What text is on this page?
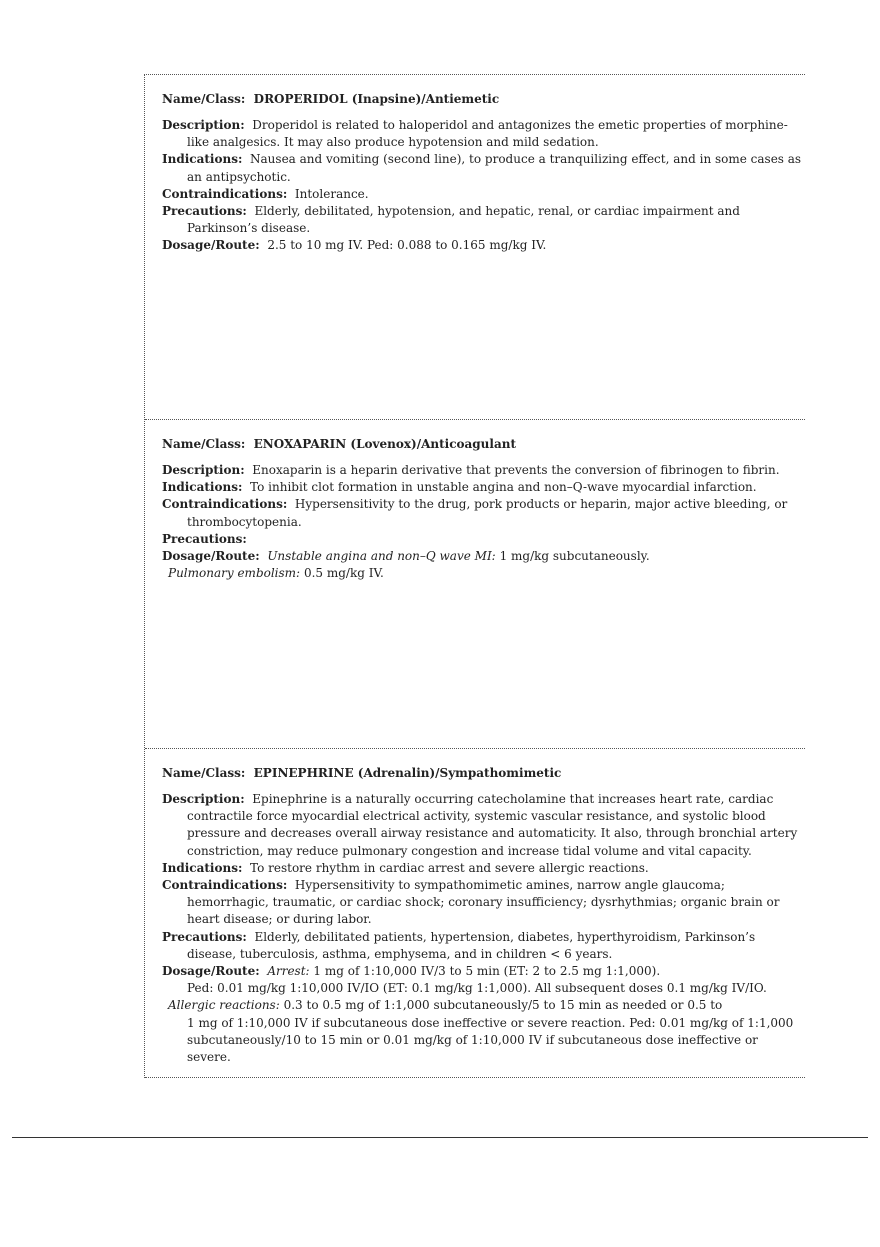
Name/Class: DROPERIDOL (Inapsine)/Antiemetic

Description: Droperidol is related to haloperidol and antagonizes the emetic properties of morphine-like analgesics. It may also produce hypotension and mild sedation.

Indications: Nausea and vomiting (second line), to produce a tranquilizing effect, and in some cases as an antipsychotic.

Contraindications: Intolerance.

Precautions: Elderly, debilitated, hypotension, and hepatic, renal, or cardiac impairment and Parkinson’s disease.

Dosage/Route: 2.5 to 10 mg IV. Ped: 0.088 to 0.165 mg/kg IV.

Name/Class: ENOXAPARIN (Lovenox)/Anticoagulant

Description: Enoxaparin is a heparin derivative that prevents the conversion of fibrinogen to fibrin.

Indications: To inhibit clot formation in unstable angina and non–Q-wave myocardial infarction.

Contraindications: Hypersensitivity to the drug, pork products or heparin, major active bleeding, or thrombocytopenia.

Precautions:

Dosage/Route: Unstable angina and non–Q wave MI: 1 mg/kg subcutaneously.

Pulmonary embolism: 0.5 mg/kg IV.

Name/Class: EPINEPHRINE (Adrenalin)/Sympathomimetic

Description: Epinephrine is a naturally occurring catecholamine that increases heart rate, cardiac contractile force myocardial electrical activity, systemic vascular resistance, and systolic blood pressure and decreases overall airway resistance and automaticity. It also, through bronchial artery constriction, may reduce pulmonary congestion and increase tidal volume and vital capacity.

Indications: To restore rhythm in cardiac arrest and severe allergic reactions.

Contraindications: Hypersensitivity to sympathomimetic amines, narrow angle glaucoma; hemorrhagic, traumatic, or cardiac shock; coronary insufficiency; dysrhythmias; organic brain or heart disease; or during labor.

Precautions: Elderly, debilitated patients, hypertension, diabetes, hyperthyroidism, Parkinson’s disease, tuberculosis, asthma, emphysema, and in children < 6 years.

Dosage/Route: Arrest: 1 mg of 1:10,000 IV/3 to 5 min (ET: 2 to 2.5 mg 1:1,000).

Ped: 0.01 mg/kg 1:10,000 IV/IO (ET: 0.1 mg/kg 1:1,000). All subsequent doses 0.1 mg/kg IV/IO.

Allergic reactions: 0.3 to 0.5 mg of 1:1,000 subcutaneously/5 to 15 min as needed or 0.5 to

1 mg of 1:10,000 IV if subcutaneous dose ineffective or severe reaction. Ped: 0.01 mg/kg of 1:1,000 subcutaneously/10 to 15 min or 0.01 mg/kg of 1:10,000 IV if subcutaneous dose ineffective or severe.
